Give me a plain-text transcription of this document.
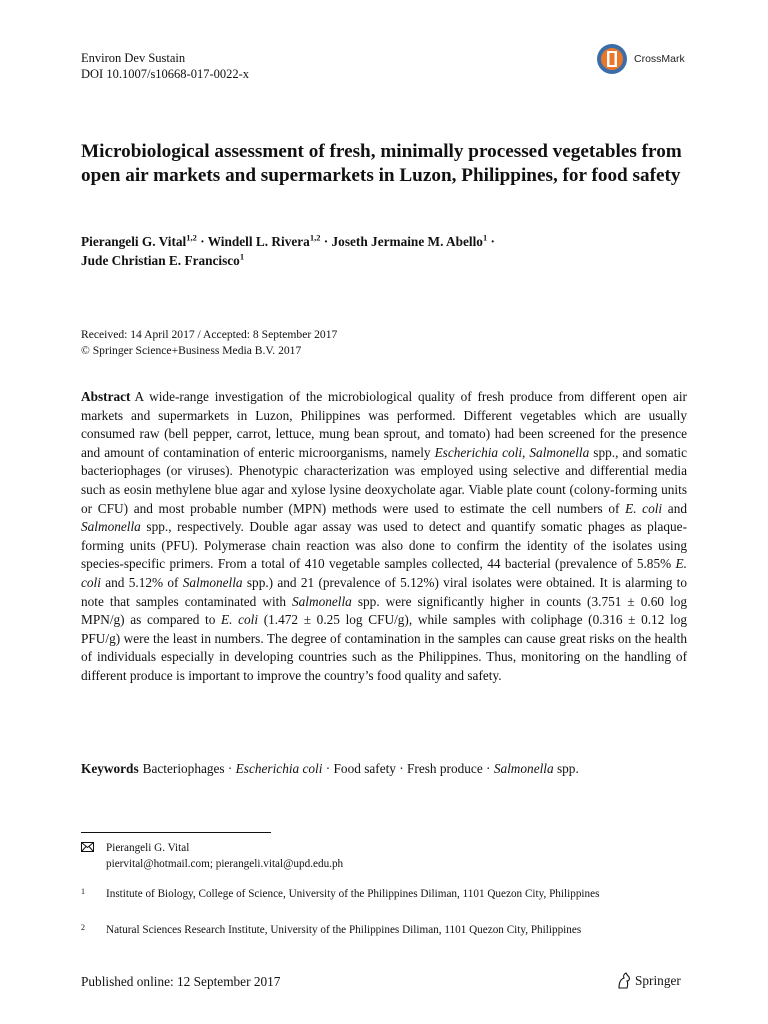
Environ Dev Sustain
DOI 10.1007/s10668-017-0022-x
CrossMark
Microbiological assessment of fresh, minimally processed vegetables from open air markets and supermarkets in Luzon, Philippines, for food safety
Pierangeli G. Vital$^{1,2}$ · Windell L. Rivera$^{1,2}$ · Joseth Jermaine M. Abello$^1$ ·
Jude Christian E. Francisco$^1$
Received: 14 April 2017 / Accepted: 8 September 2017
© Springer Science+Business Media B.V. 2017
Abstract A wide-range investigation of the microbiological quality of fresh produce from different open air markets and supermarkets in Luzon, Philippines was performed. Different vegetables which are usually consumed raw (bell pepper, carrot, lettuce, mung bean sprout, and tomato) had been screened for the presence and amount of contamination of enteric microorganisms, namely Escherichia coli, Salmonella spp., and somatic bacteriophages (or viruses). Phenotypic characterization was employed using selective and differential media such as eosin methylene blue agar and xylose lysine deoxycholate agar. Viable plate count (colony-forming units or CFU) and most probable number (MPN) methods were used to estimate the cell numbers of E. coli and Salmonella spp., respectively. Double agar assay was used to detect and quantify somatic phages as plaque-forming units (PFU). Polymerase chain reaction was also done to confirm the identity of the isolates using species-specific primers. From a total of 410 vegetable samples collected, 44 bacterial (prevalence of 5.85% E. coli and 5.12% of Salmonella spp.) and 21 (prevalence of 5.12%) viral isolates were obtained. It is alarming to note that samples contaminated with Salmonella spp. were significantly higher in counts (3.751 ± 0.60 log MPN/g) as compared to E. coli (1.472 ± 0.25 log CFU/g), while samples with coliphage (0.316 ± 0.12 log PFU/g) were the least in numbers. The degree of contamination in the samples can cause great risks on the health of individuals especially in developing countries such as the Philippines. Thus, monitoring on the handling of different produce is important to improve the country’s food quality and safety.
Keywords Bacteriophages · Escherichia coli · Food safety · Fresh produce · Salmonella spp.
Pierangeli G. Vital
piervital@hotmail.com; pierangeli.vital@upd.edu.ph
1 Institute of Biology, College of Science, University of the Philippines Diliman, 1101 Quezon City, Philippines
2 Natural Sciences Research Institute, University of the Philippines Diliman, 1101 Quezon City, Philippines
Published online: 12 September 2017	Springer
